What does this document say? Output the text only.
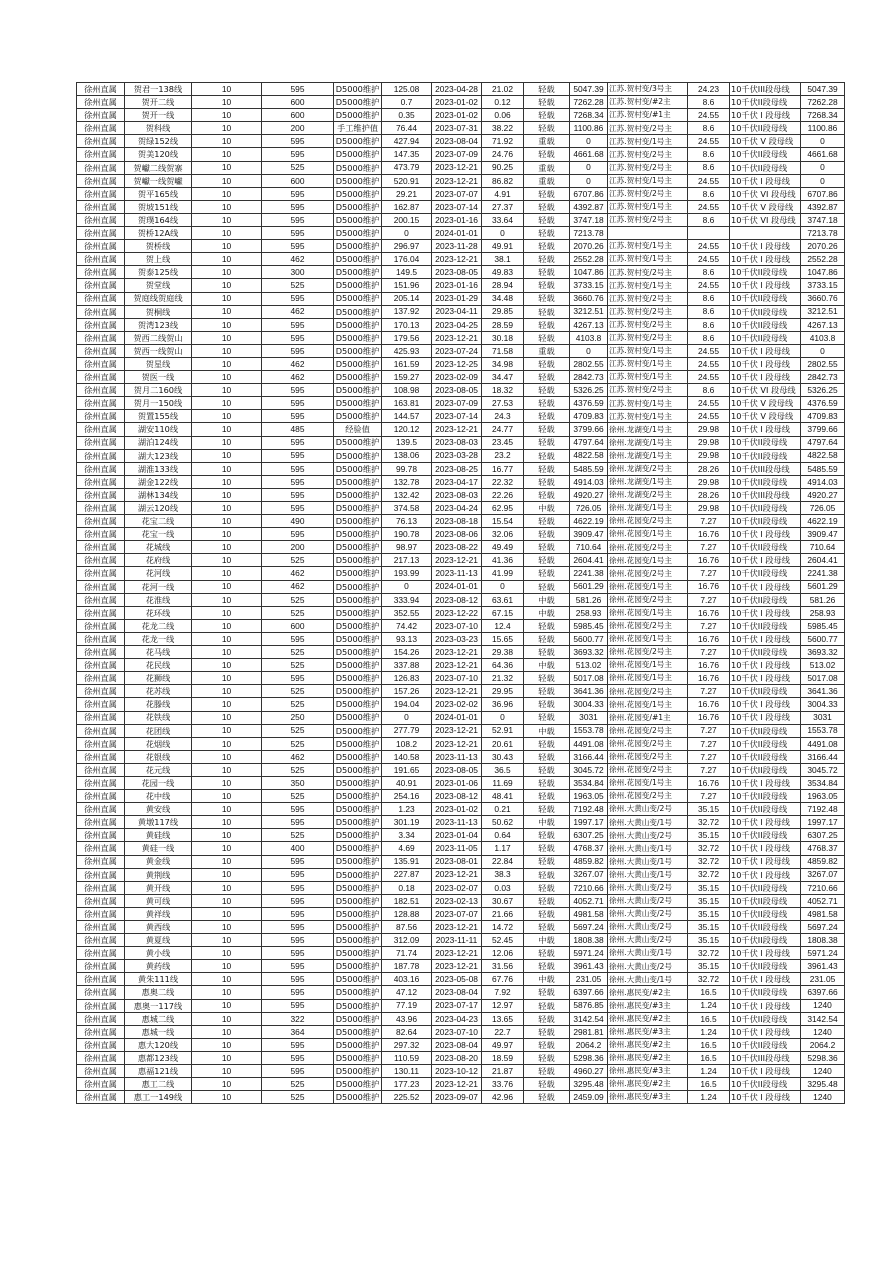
徐州直属	贺君一138线	10	595	D5000维护	125.08	2023-04-28	21.02	轻载	5047.39	江苏.贺村变/3号主	24.23	10千伏III段母线	5047.39
徐州直属	贺开二线	10	600	D5000维护	0.7	2023-01-02	0.12	轻载	7262.28	江苏.贺村变/#2主	8.6	10千伏II段母线	7262.28
徐州直属	贺开一线	10	600	D5000维护	0.35	2023-01-02	0.06	轻载	7268.34	江苏.贺村变/#1主	24.55	10千伏 I 段母线	7268.34
徐州直属	贺科线	10	200	手工维护值	76.44	2023-07-31	38.22	轻载	1100.86	江苏.贺村变/2号主	8.6	10千伏II段母线	1100.86
徐州直属	贺绿152线	10	595	D5000维护	427.94	2023-08-04	71.92	重载	0	江苏.贺村变/1号主	24.55	10千伏 V 段母线	0
徐州直属	贺美120线	10	595	D5000维护	147.35	2023-07-09	24.76	轻载	4661.68	江苏.贺村变/2号主	8.6	10千伏II段母线	4661.68
徐州直属	贺巘二线贺寨	10	525	D5000维护	473.79	2023-12-21	90.25	重载	0	江苏.贺村变/2号主	8.6	10千伏II段母线	0
徐州直属	贺巘一线贺巘	10	600	D5000维护	520.91	2023-12-21	86.82	重载	0	江苏.贺村变/1号主	24.55	10千伏 I 段母线	0
徐州直属	贺平165线	10	595	D5000维护	29.21	2023-07-07	4.91	轻载	6707.86	江苏.贺村变/2号主	8.6	10千伏 VI 段母线	6707.86
徐州直属	贺坡151线	10	595	D5000维护	162.87	2023-07-14	27.37	轻载	4392.87	江苏.贺村变/1号主	24.55	10千伏 V 段母线	4392.87
徐州直属	贺璞164线	10	595	D5000维护	200.15	2023-01-16	33.64	轻载	3747.18	江苏.贺村变/2号主	8.6	10千伏 VI 段母线	3747.18
徐州直属	贺桥12A线	10	595	D5000维护	0	2024-01-01	0	轻载	7213.78				7213.78
徐州直属	贺桥线	10	595	D5000维护	296.97	2023-11-28	49.91	轻载	2070.26	江苏.贺村变/1号主	24.55	10千伏 I 段母线	2070.26
徐州直属	贺上线	10	462	D5000维护	176.04	2023-12-21	38.1	轻载	2552.28	江苏.贺村变/1号主	24.55	10千伏 I 段母线	2552.28
徐州直属	贺泰125线	10	300	D5000维护	149.5	2023-08-05	49.83	轻载	1047.86	江苏.贺村变/2号主	8.6	10千伏II段母线	1047.86
徐州直属	贺堂线	10	525	D5000维护	151.96	2023-01-16	28.94	轻载	3733.15	江苏.贺村变/1号主	24.55	10千伏 I 段母线	3733.15
徐州直属	贺庭线贺庭线	10	595	D5000维护	205.14	2023-01-29	34.48	轻载	3660.76	江苏.贺村变/2号主	8.6	10千伏II段母线	3660.76
徐州直属	贺桐线	10	462	D5000维护	137.92	2023-04-11	29.85	轻载	3212.51	江苏.贺村变/2号主	8.6	10千伏II段母线	3212.51
徐州直属	贺湾123线	10	595	D5000维护	170.13	2023-04-25	28.59	轻载	4267.13	江苏.贺村变/2号主	8.6	10千伏II段母线	4267.13
徐州直属	贺西二线贺山	10	595	D5000维护	179.56	2023-12-21	30.18	轻载	4103.8	江苏.贺村变/2号主	8.6	10千伏II段母线	4103.8
徐州直属	贺西一线贺山	10	595	D5000维护	425.93	2023-07-24	71.58	重载	0	江苏.贺村变/1号主	24.55	10千伏 I 段母线	0
徐州直属	贺星线	10	462	D5000维护	161.59	2023-12-25	34.98	轻载	2802.55	江苏.贺村变/1号主	24.55	10千伏 I 段母线	2802.55
徐州直属	贺医一线	10	462	D5000维护	159.27	2023-02-09	34.47	轻载	2842.73	江苏.贺村变/1号主	24.55	10千伏 I 段母线	2842.73
徐州直属	贺月二160线	10	595	D5000维护	108.98	2023-08-05	18.32	轻载	5326.25	江苏.贺村变/2号主	8.6	10千伏 VI 段母线	5326.25
徐州直属	贺月一150线	10	595	D5000维护	163.81	2023-07-09	27.53	轻载	4376.59	江苏.贺村变/1号主	24.55	10千伏 V 段母线	4376.59
徐州直属	贺置155线	10	595	D5000维护	144.57	2023-07-14	24.3	轻载	4709.83	江苏.贺村变/1号主	24.55	10千伏 V 段母线	4709.83
徐州直属	湖安110线	10	485	经验值	120.12	2023-12-21	24.77	轻载	3799.66	徐州.龙湖变/1号主	29.98	10千伏 I 段母线	3799.66
徐州直属	湖泊124线	10	595	D5000维护	139.5	2023-08-03	23.45	轻载	4797.64	徐州.龙湖变/1号主	29.98	10千伏II段母线	4797.64
徐州直属	湖大123线	10	595	D5000维护	138.06	2023-03-28	23.2	轻载	4822.58	徐州.龙湖变/1号主	29.98	10千伏II段母线	4822.58
徐州直属	湖淮133线	10	595	D5000维护	99.78	2023-08-25	16.77	轻载	5485.59	徐州.龙湖变/2号主	28.26	10千伏III段母线	5485.59
徐州直属	湖金122线	10	595	D5000维护	132.78	2023-04-17	22.32	轻载	4914.03	徐州.龙湖变/1号主	29.98	10千伏II段母线	4914.03
徐州直属	湖林134线	10	595	D5000维护	132.42	2023-08-03	22.26	轻载	4920.27	徐州.龙湖变/2号主	28.26	10千伏III段母线	4920.27
徐州直属	湖云120线	10	595	D5000维护	374.58	2023-04-24	62.95	中载	726.05	徐州.龙湖变/1号主	29.98	10千伏II段母线	726.05
徐州直属	花宝二线	10	490	D5000维护	76.13	2023-08-18	15.54	轻载	4622.19	徐州.花园变/2号主	7.27	10千伏II段母线	4622.19
徐州直属	花宝一线	10	595	D5000维护	190.78	2023-08-06	32.06	轻载	3909.47	徐州.花园变/1号主	16.76	10千伏 I 段母线	3909.47
徐州直属	花城线	10	200	D5000维护	98.97	2023-08-22	49.49	轻载	710.64	徐州.花园变/2号主	7.27	10千伏II段母线	710.64
徐州直属	花府线	10	525	D5000维护	217.13	2023-12-21	41.36	轻载	2604.41	徐州.花园变/1号主	16.76	10千伏 I 段母线	2604.41
徐州直属	花河线	10	462	D5000维护	193.99	2023-11-13	41.99	轻载	2241.38	徐州.花园变/2号主	7.27	10千伏II段母线	2241.38
徐州直属	花河一线	10	462	D5000维护	0	2024-01-01	0	轻载	5601.29	徐州.花园变/1号主	16.76	10千伏 I 段母线	5601.29
徐州直属	花淮线	10	525	D5000维护	333.94	2023-08-12	63.61	中载	581.26	徐州.花园变/2号主	7.27	10千伏II段母线	581.26
徐州直属	花环线	10	525	D5000维护	352.55	2023-12-22	67.15	中载	258.93	徐州.花园变/1号主	16.76	10千伏 I 段母线	258.93
徐州直属	花龙二线	10	600	D5000维护	74.42	2023-07-10	12.4	轻载	5985.45	徐州.花园变/2号主	7.27	10千伏II段母线	5985.45
徐州直属	花龙一线	10	595	D5000维护	93.13	2023-03-23	15.65	轻载	5600.77	徐州.花园变/1号主	16.76	10千伏 I 段母线	5600.77
徐州直属	花马线	10	525	D5000维护	154.26	2023-12-21	29.38	轻载	3693.32	徐州.花园变/2号主	7.27	10千伏II段母线	3693.32
徐州直属	花民线	10	525	D5000维护	337.88	2023-12-21	64.36	中载	513.02	徐州.花园变/1号主	16.76	10千伏 I 段母线	513.02
徐州直属	花狮线	10	595	D5000维护	126.83	2023-07-10	21.32	轻载	5017.08	徐州.花园变/1号主	16.76	10千伏 I 段母线	5017.08
徐州直属	花苏线	10	525	D5000维护	157.26	2023-12-21	29.95	轻载	3641.36	徐州.花园变/2号主	7.27	10千伏II段母线	3641.36
徐州直属	花滕线	10	525	D5000维护	194.04	2023-02-02	36.96	轻载	3004.33	徐州.花园变/1号主	16.76	10千伏 I 段母线	3004.33
徐州直属	花铁线	10	250	D5000维护	0	2024-01-01	0	轻载	3031	徐州.花园变/#1主	16.76	10千伏 I 段母线	3031
徐州直属	花团线	10	525	D5000维护	277.79	2023-12-21	52.91	中载	1553.78	徐州.花园变/2号主	7.27	10千伏II段母线	1553.78
徐州直属	花烟线	10	525	D5000维护	108.2	2023-12-21	20.61	轻载	4491.08	徐州.花园变/2号主	7.27	10千伏II段母线	4491.08
徐州直属	花银线	10	462	D5000维护	140.58	2023-11-13	30.43	轻载	3166.44	徐州.花园变/2号主	7.27	10千伏II段母线	3166.44
徐州直属	花元线	10	525	D5000维护	191.65	2023-08-05	36.5	轻载	3045.72	徐州.花园变/2号主	7.27	10千伏II段母线	3045.72
徐州直属	花园一线	10	350	D5000维护	40.91	2023-01-06	11.69	轻载	3534.84	徐州.花园变/1号主	16.76	10千伏 I 段母线	3534.84
徐州直属	花中线	10	525	D5000维护	254.16	2023-08-12	48.41	轻载	1963.05	徐州.花园变/2号主	7.27	10千伏II段母线	1963.05
徐州直属	黄安线	10	595	D5000维护	1.23	2023-01-02	0.21	轻载	7192.48	徐州.大黄山变/2号	35.15	10千伏II段母线	7192.48
徐州直属	黄墩117线	10	595	D5000维护	301.19	2023-11-13	50.62	中载	1997.17	徐州.大黄山变/1号	32.72	10千伏 I 段母线	1997.17
徐州直属	黄硅线	10	525	D5000维护	3.34	2023-01-04	0.64	轻载	6307.25	徐州.大黄山变/2号	35.15	10千伏II段母线	6307.25
徐州直属	黄硅一线	10	400	D5000维护	4.69	2023-11-05	1.17	轻载	4768.37	徐州.大黄山变/1号	32.72	10千伏 I 段母线	4768.37
徐州直属	黄金线	10	595	D5000维护	135.91	2023-08-01	22.84	轻载	4859.82	徐州.大黄山变/1号	32.72	10千伏 I 段母线	4859.82
徐州直属	黄荆线	10	595	D5000维护	227.87	2023-12-21	38.3	轻载	3267.07	徐州.大黄山变/1号	32.72	10千伏 I 段母线	3267.07
徐州直属	黄开线	10	595	D5000维护	0.18	2023-02-07	0.03	轻载	7210.66	徐州.大黄山变/2号	35.15	10千伏II段母线	7210.66
徐州直属	黄可线	10	595	D5000维护	182.51	2023-02-13	30.67	轻载	4052.71	徐州.大黄山变/2号	35.15	10千伏II段母线	4052.71
徐州直属	黄祥线	10	595	D5000维护	128.88	2023-07-07	21.66	轻载	4981.58	徐州.大黄山变/2号	35.15	10千伏II段母线	4981.58
徐州直属	黄西线	10	595	D5000维护	87.56	2023-12-21	14.72	轻载	5697.24	徐州.大黄山变/2号	35.15	10千伏II段母线	5697.24
徐州直属	黄夏线	10	595	D5000维护	312.09	2023-11-11	52.45	中载	1808.38	徐州.大黄山变/2号	35.15	10千伏II段母线	1808.38
徐州直属	黄小线	10	595	D5000维护	71.74	2023-12-21	12.06	轻载	5971.24	徐州.大黄山变/1号	32.72	10千伏 I 段母线	5971.24
徐州直属	黄药线	10	595	D5000维护	187.78	2023-12-21	31.56	轻载	3961.43	徐州.大黄山变/2号	35.15	10千伏II段母线	3961.43
徐州直属	黄朱111线	10	595	D5000维护	403.16	2023-05-08	67.76	中载	231.05	徐州.大黄山变/1号	32.72	10千伏 I 段母线	231.05
徐州直属	惠奥二线	10	595	D5000维护	47.12	2023-08-04	7.92	轻载	6397.66	徐州.惠民变/#2主	16.5	10千伏II段母线	6397.66
徐州直属	惠奥一117线	10	595	D5000维护	77.19	2023-07-17	12.97	轻载	5876.85	徐州.惠民变/#3主	1.24	10千伏 I 段母线	1240
徐州直属	惠城二线	10	322	D5000维护	43.96	2023-04-23	13.65	轻载	3142.54	徐州.惠民变/#2主	16.5	10千伏II段母线	3142.54
徐州直属	惠城一线	10	364	D5000维护	82.64	2023-07-10	22.7	轻载	2981.81	徐州.惠民变/#3主	1.24	10千伏 I 段母线	1240
徐州直属	惠大120线	10	595	D5000维护	297.32	2023-08-04	49.97	轻载	2064.2	徐州.惠民变/#2主	16.5	10千伏II段母线	2064.2
徐州直属	惠都123线	10	595	D5000维护	110.59	2023-08-20	18.59	轻载	5298.36	徐州.惠民变/#2主	16.5	10千伏III段母线	5298.36
徐州直属	惠福121线	10	595	D5000维护	130.11	2023-10-12	21.87	轻载	4960.27	徐州.惠民变/#3主	1.24	10千伏 I 段母线	1240
徐州直属	惠工二线	10	525	D5000维护	177.23	2023-12-21	33.76	轻载	3295.48	徐州.惠民变/#2主	16.5	10千伏II段母线	3295.48
徐州直属	惠工一149线	10	525	D5000维护	225.52	2023-09-07	42.96	轻载	2459.09	徐州.惠民变/#3主	1.24	10千伏 I 段母线	1240
